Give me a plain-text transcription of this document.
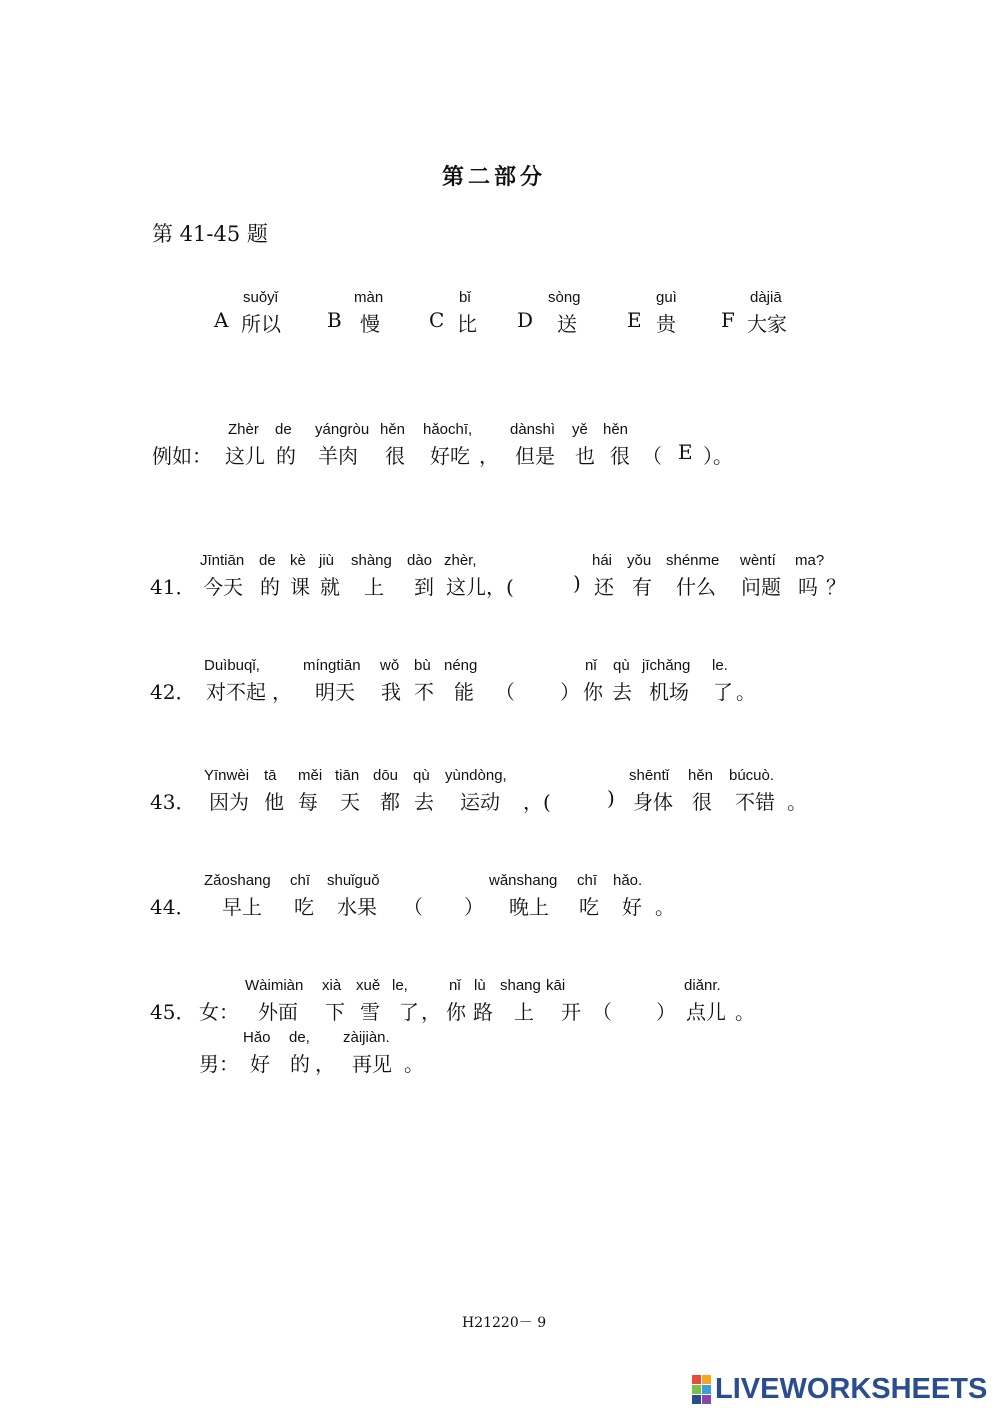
第二部分
第 41-45 题
suǒyǐ
A 所以
màn
B 慢
bǐ
C 比
sòng
D 送
guì
E 贵
dàjiā
F 大家
Zhèr de yángròu hěn hǎochī,	dànshì yě hěn
例如： 这儿 的 羊肉 很 好吃 ， 但是 也 很 （ E ）。
Jīntiān de kè jiù shàng dào zhèr,	hái yǒu shénme wèntí ma?
41． 今天 的 课 就 上 到 这儿 ，(	) 还 有 什么 问题 吗 ？
Duìbuqǐ,	míngtiān wǒ bù néng	nǐ qù jīchǎng le.
42． 对不起 ， 明天 我 不 能 （ ） 你 去 机场 了 。
Yīnwèi tā měi tiān dōu qù yùndòng,	shēntǐ hěn búcuò.
43． 因为 他 每 天 都 去 运动 ，(	) 身体 很 不错 。
Zǎoshang chī shuǐguǒ	wǎnshang chī hǎo.
44． 早上 吃 水果 （ ） 晚上 吃 好 。
Wàimiàn xià xuě le,	nǐ lù shang kāi	diǎnr.
45． 女： 外面 下 雪 了 ， 你 路 上 开 （ ） 点儿 。
Hǎo de, zàijiàn.
男： 好 的 ， 再见 。
H21220－ 9
LIVEWORKSHEETS
